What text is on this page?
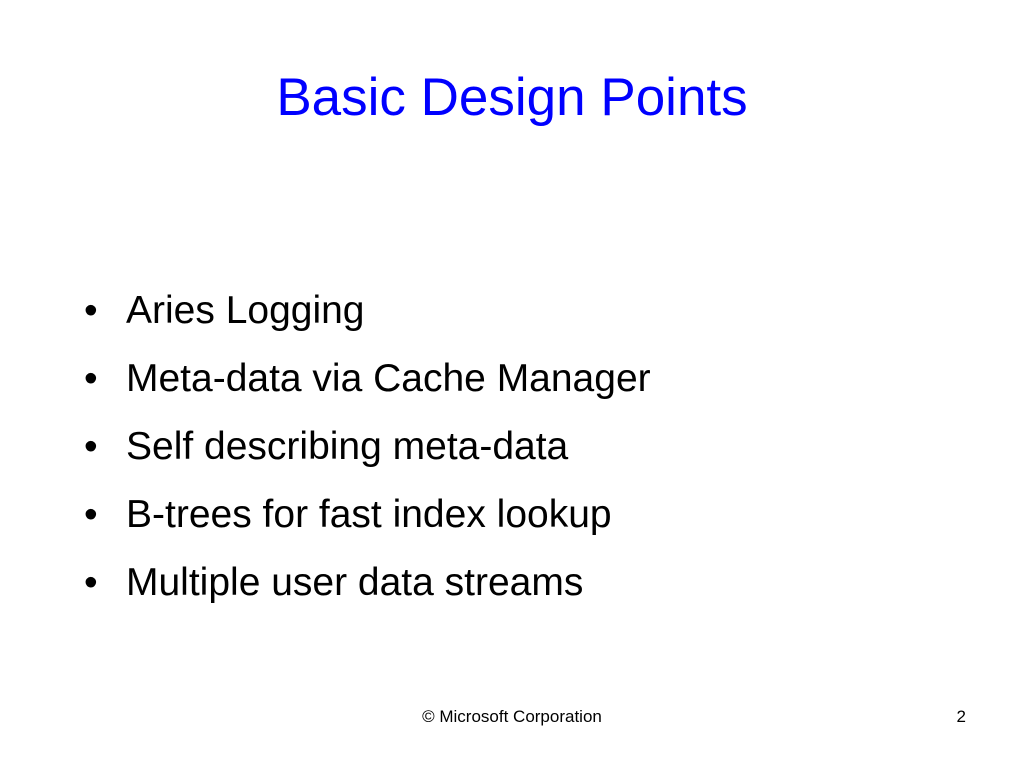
Basic Design Points
• Aries Logging
• Meta-data via Cache Manager
• Self describing meta-data
• B-trees for fast index lookup
• Multiple user data streams
© Microsoft Corporation	2
